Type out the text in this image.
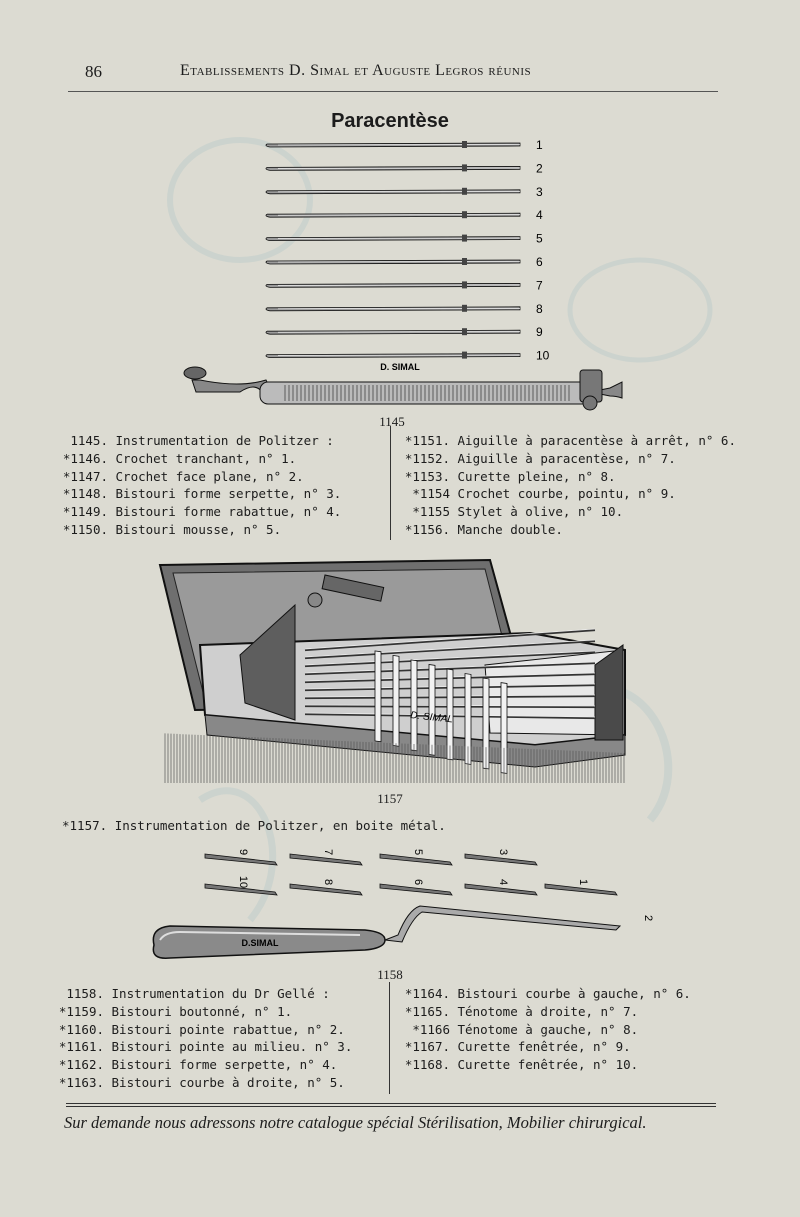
86	Etablissements D. Simal et Auguste Legros réunis
Paracentèse
1
2
3
4
5
6
7
8
9
10
D. SIMAL
1145
1145. Instrumentation de Politzer :
*1146. Crochet tranchant, n° 1.
*1147. Crochet face plane, n° 2.
*1148. Bistouri forme serpette, n° 3.
*1149. Bistouri forme rabattue, n° 4.
*1150. Bistouri mousse, n° 5.
*1151. Aiguille à paracentèse à arrêt, n° 6.
*1152. Aiguille à paracentèse, n° 7.
*1153. Curette pleine, n° 8.
*1154 Crochet courbe, pointu, n° 9.
*1155 Stylet à olive, n° 10.
*1156. Manche double.
D. SIMAL
1157
*1157. Instrumentation de Politzer, en boite métal.
9	7	5	3
10	8	6	4	1
2
D.SIMAL
1158
1158. Instrumentation du Dr Gellé :
*1159. Bistouri boutonné, n° 1.
*1160. Bistouri pointe rabattue, n° 2.
*1161. Bistouri pointe au milieu. n° 3.
*1162. Bistouri forme serpette, n° 4.
*1163. Bistouri courbe à droite, n° 5.
*1164. Bistouri courbe à gauche, n° 6.
*1165. Ténotome à droite, n° 7.
*1166 Ténotome à gauche, n° 8.
*1167. Curette fenêtrée, n° 9.
*1168. Curette fenêtrée, n° 10.
Sur demande nous adressons notre catalogue spécial Stérilisation, Mobilier chirurgical.
